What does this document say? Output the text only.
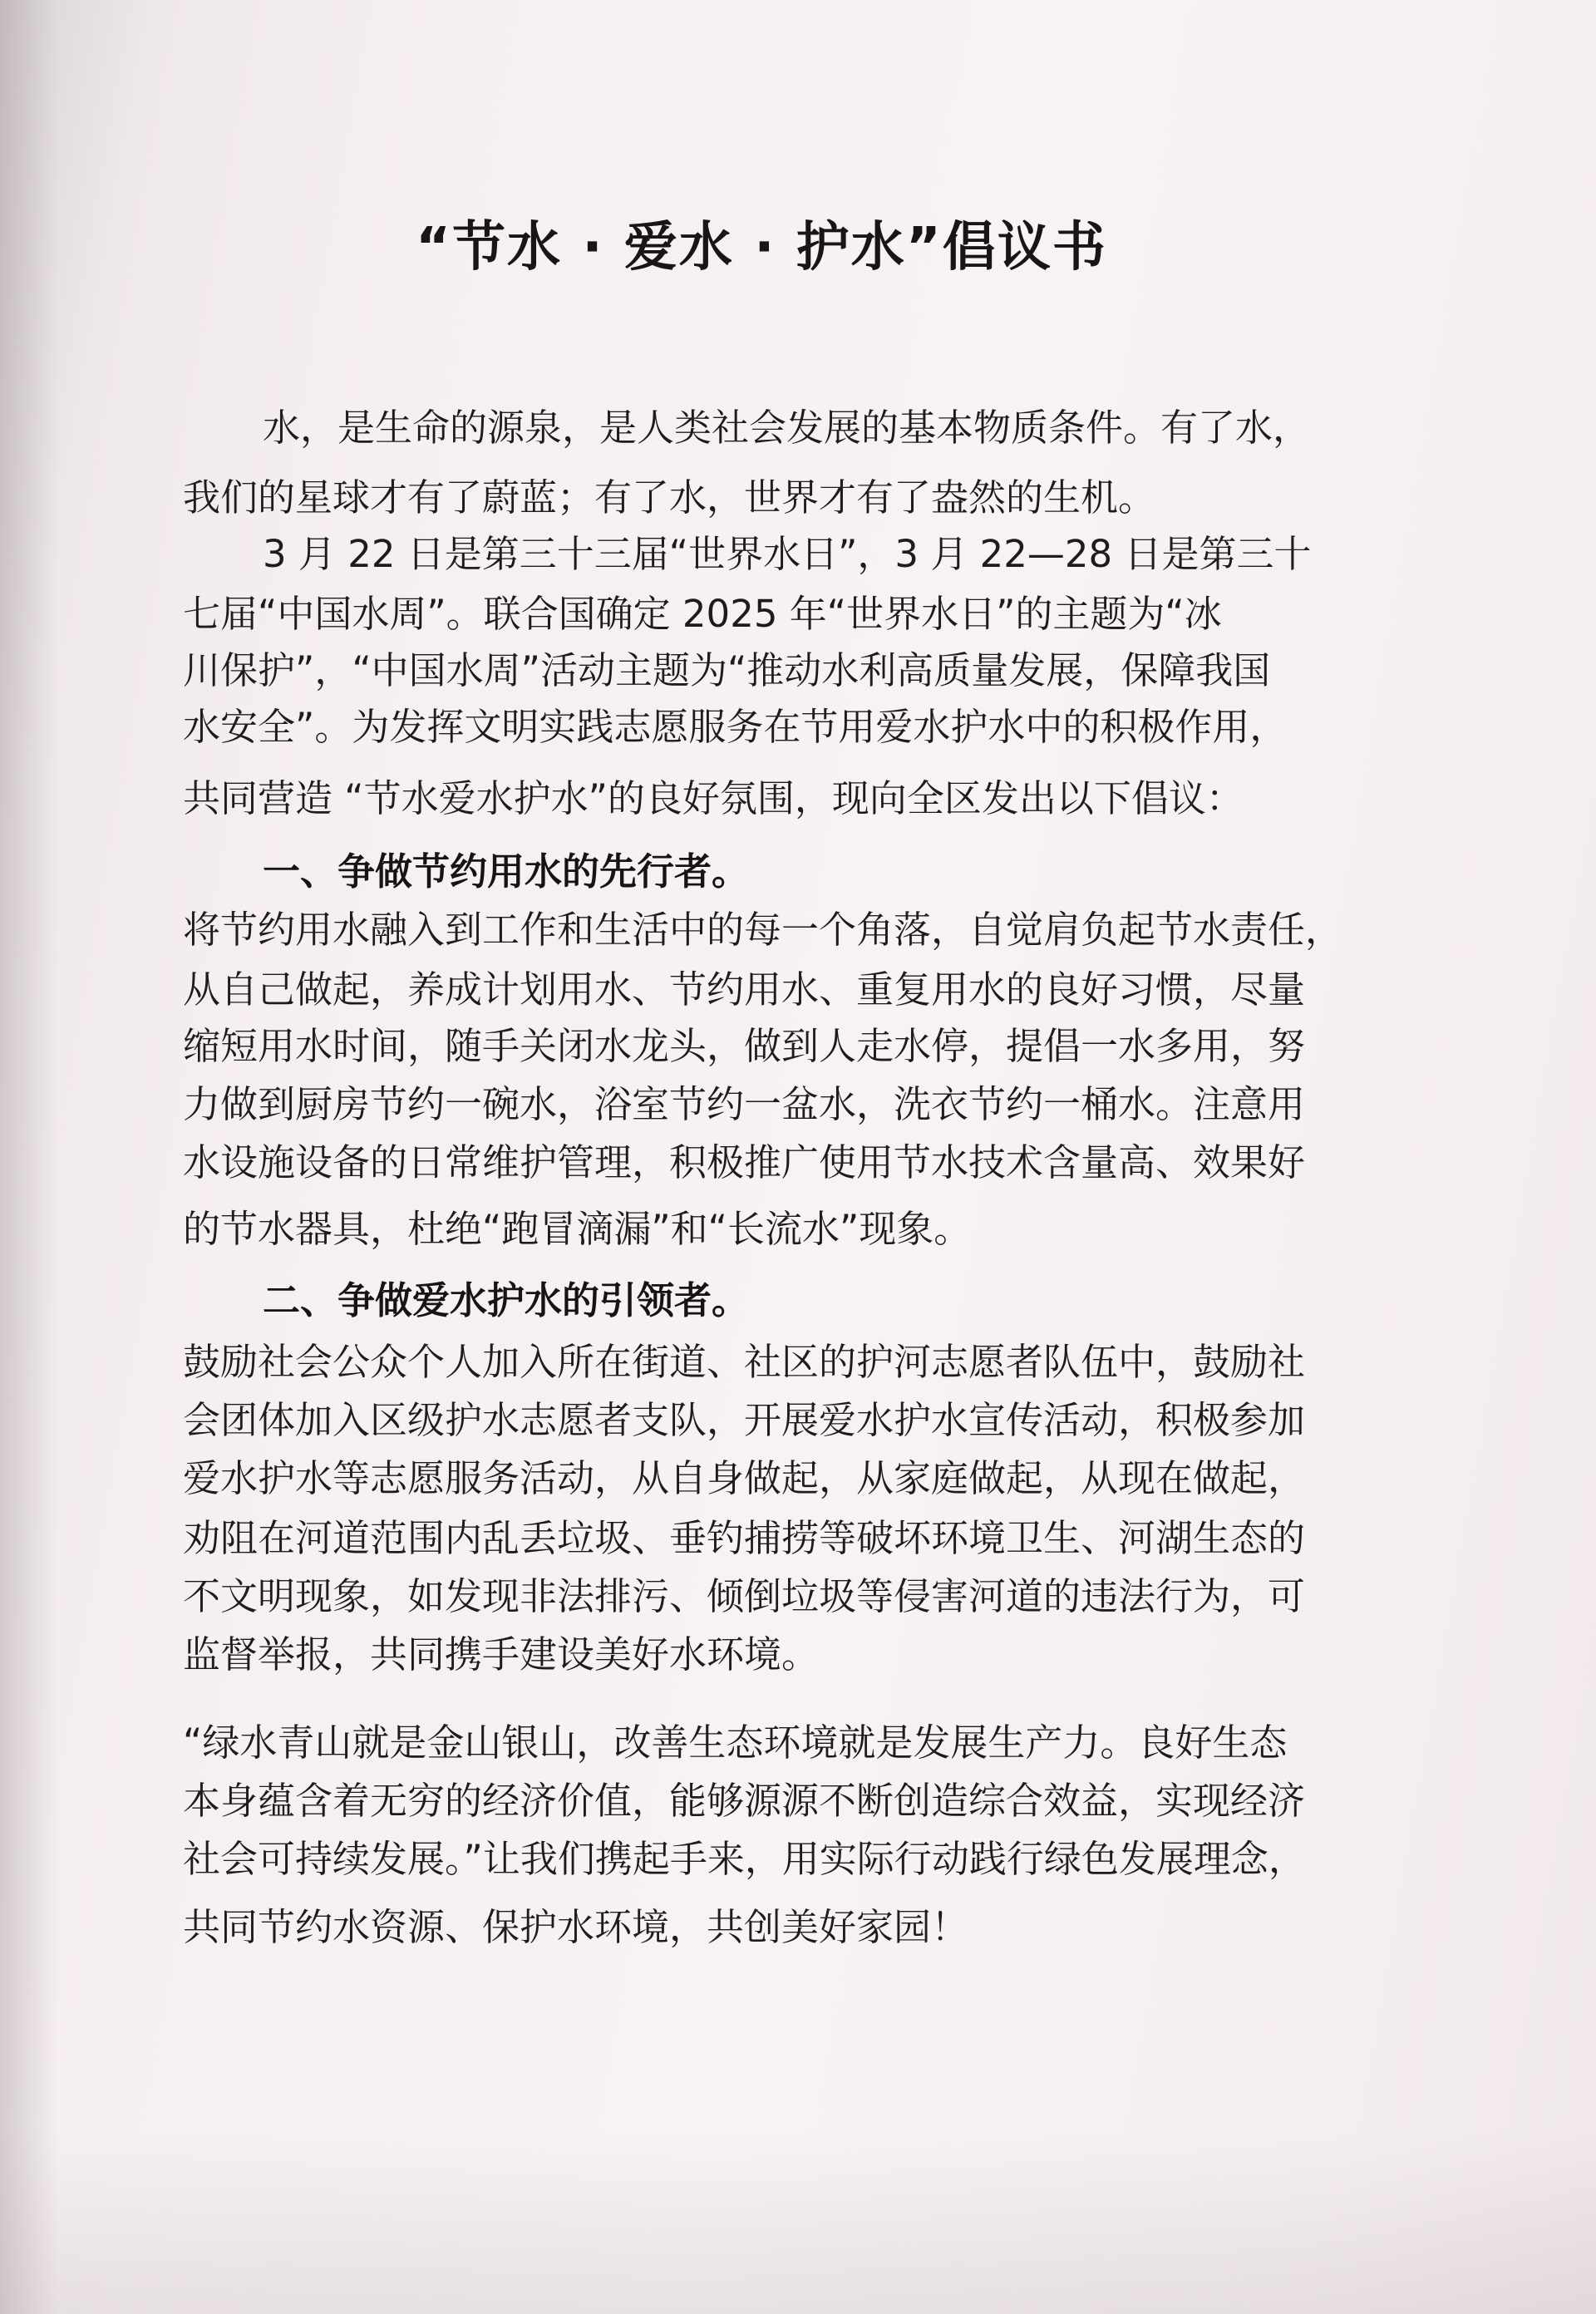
“节水 · 爱水 · 护水”倡议书
水，是生命的源泉，是人类社会发展的基本物质条件。有了水，
我们的星球才有了蔚蓝；有了水，世界才有了盎然的生机。
3 月 22 日是第三十三届“世界水日”，3 月 22—28 日是第三十
七届“中国水周”。联合国确定 2025 年“世界水日”的主题为“冰
川保护”，“中国水周”活动主题为“推动水利高质量发展，保障我国
水安全”。为发挥文明实践志愿服务在节用爱水护水中的积极作用，
共同营造 “节水爱水护水”的良好氛围，现向全区发出以下倡议：
一、争做节约用水的先行者。
将节约用水融入到工作和生活中的每一个角落，自觉肩负起节水责任，
从自己做起，养成计划用水、节约用水、重复用水的良好习惯，尽量
缩短用水时间，随手关闭水龙头，做到人走水停，提倡一水多用，努
力做到厨房节约一碗水，浴室节约一盆水，洗衣节约一桶水。注意用
水设施设备的日常维护管理，积极推广使用节水技术含量高、效果好
的节水器具，杜绝“跑冒滴漏”和“长流水”现象。
二、争做爱水护水的引领者。
鼓励社会公众个人加入所在街道、社区的护河志愿者队伍中，鼓励社
会团体加入区级护水志愿者支队，开展爱水护水宣传活动，积极参加
爱水护水等志愿服务活动，从自身做起，从家庭做起，从现在做起，
劝阻在河道范围内乱丢垃圾、垂钓捕捞等破坏环境卫生、河湖生态的
不文明现象，如发现非法排污、倾倒垃圾等侵害河道的违法行为，可
监督举报，共同携手建设美好水环境。
“绿水青山就是金山银山，改善生态环境就是发展生产力。良好生态
本身蕴含着无穷的经济价值，能够源源不断创造综合效益，实现经济
社会可持续发展。”让我们携起手来，用实际行动践行绿色发展理念，
共同节约水资源、保护水环境，共创美好家园！
